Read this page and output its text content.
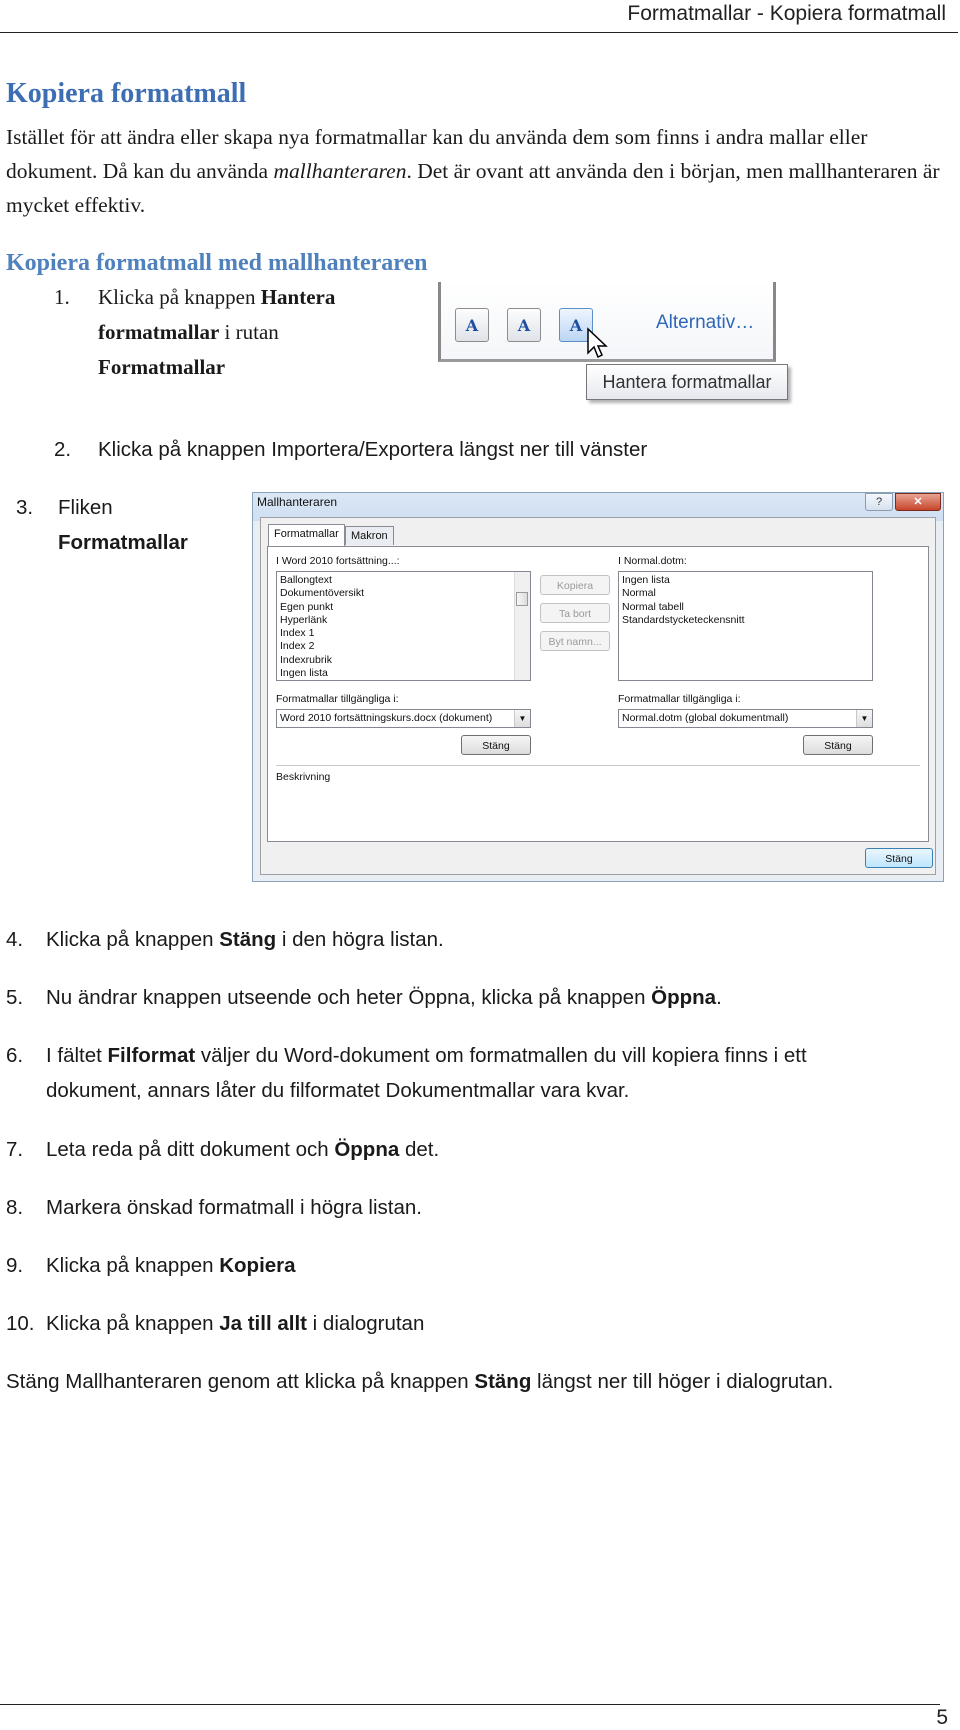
Formatmallar - Kopiera formatmall
Kopiera formatmall
Istället för att ändra eller skapa nya formatmallar kan du använda dem som finns i andra mallar eller dokument. Då kan du använda mallhanteraren. Det är ovant att använda den i början, men mallhanteraren är mycket effektiv.
Kopiera formatmall med mallhanteraren
1. Klicka på knappen Hantera
formatmallar i rutan
Formatmallar
A	A	A	Alternativ…
Hantera formatmallar
2. Klicka på knappen Importera/Exportera längst ner till vänster
3. Fliken
Formatmallar
Mallhanteraren	?	✕
Formatmallar	Makron
I Word 2010 fortsättning...:
Ballongtext
Dokumentöversikt
Egen punkt
Hyperlänk
Index 1
Index 2
Indexrubrik
Ingen lista
Formatmallar tillgängliga i:
Word 2010 fortsättningskurs.docx (dokument)	▼
Stäng
Kopiera
Ta bort
Byt namn...
I Normal.dotm:
Ingen lista
Normal
Normal tabell
Standardstycketeckensnitt
Formatmallar tillgängliga i:
Normal.dotm (global dokumentmall)	▼
Stäng
Beskrivning
Stäng
4. Klicka på knappen Stäng i den högra listan.
5. Nu ändrar knappen utseende och heter Öppna, klicka på knappen Öppna.
6. I fältet Filformat väljer du Word-dokument om formatmallen du vill kopiera finns i ett
dokument, annars låter du filformatet Dokumentmallar vara kvar.
7. Leta reda på ditt dokument och Öppna det.
8. Markera önskad formatmall i högra listan.
9. Klicka på knappen Kopiera
10. Klicka på knappen Ja till allt i dialogrutan
Stäng Mallhanteraren genom att klicka på knappen Stäng längst ner till höger i dialogrutan.
5
